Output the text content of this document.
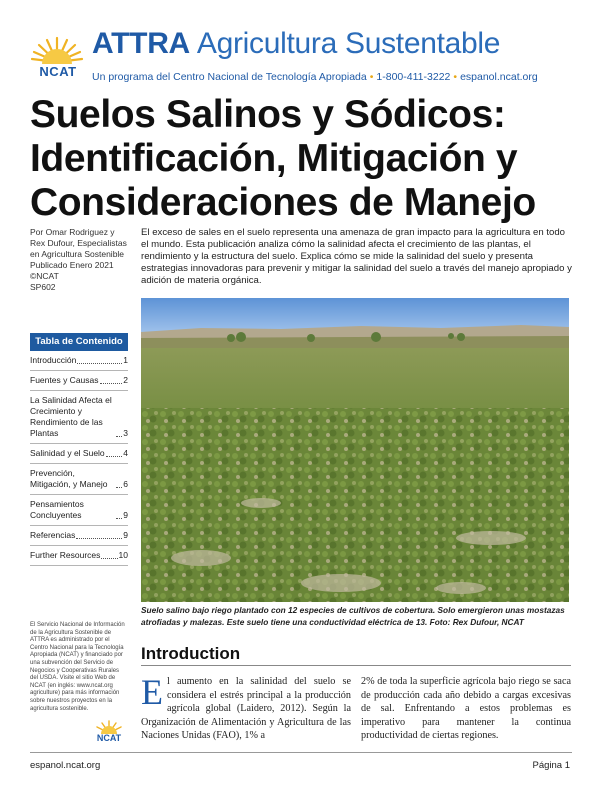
NCAT
ATTRA Agricultura Sustentable
Un programa del Centro Nacional de Tecnología Apropiada • 1-800-411-3222 • espanol.ncat.org
Suelos Salinos y Sódicos: Identificación, Mitigación y Consideraciones de Manejo
Por Omar Rodriguez y
Rex Dufour, Especialistas
en Agricultura Sostenible
Publicado Enero 2021
©NCAT
SP602
Tabla de Contenido
Introducción	1
Fuentes y Causas	2
La Salinidad Afecta el Crecimiento y Rendimiento de las Plantas	3
Salinidad y el Suelo 4
Prevención, Mitigación, y Manejo	6
Pensamientos Concluyentes	9
Referencias	9
Further Resources 10
El Servicio Nacional de Información de la Agricultura Sostenible de ATTRA es administrado por el Centro Nacional para la Tecnología Apropiada (NCAT) y financiado por una subvención del Servicio de Negocios y Cooperativas Rurales del USDA. Visite el sitio Web de NCAT (en inglés: www.ncat.org agriculture) para más información sobre nuestros proyectos en la agricultura sostenible.
NCAT

El exceso de sales en el suelo representa una amenaza de gran impacto para la agricultura en todo el mundo. Esta publicación analiza cómo la salinidad afecta el crecimiento de las plantas, el rendimiento y la estructura del suelo. Explica cómo se mide la salinidad del suelo y presenta estrategias innovadoras para prevenir y mitigar la salinidad del suelo a través del manejo apropiado y adición de materia orgánica.

Suelo salino bajo riego plantado con 12 especies de cultivos de cobertura. Solo emergieron unas mostazas atrofiadas y malezas. Este suelo tiene una conductividad eléctrica de 13. Foto: Rex Dufour, NCAT

Introduction
El aumento en la salinidad del suelo se considera el estrés principal a la producción agrícola global (Laidero, 2012). Según la Organización de Alimentación y Agricultura de las Naciones Unidas (FAO), 1% a
2% de toda la superficie agrícola bajo riego se saca de producción cada año debido a cargas excesivas de sal. Enfrentando a estos problemas es imperativo para mantener la continua productividad de ciertas regiones.
espanol.ncat.org	Página 1
